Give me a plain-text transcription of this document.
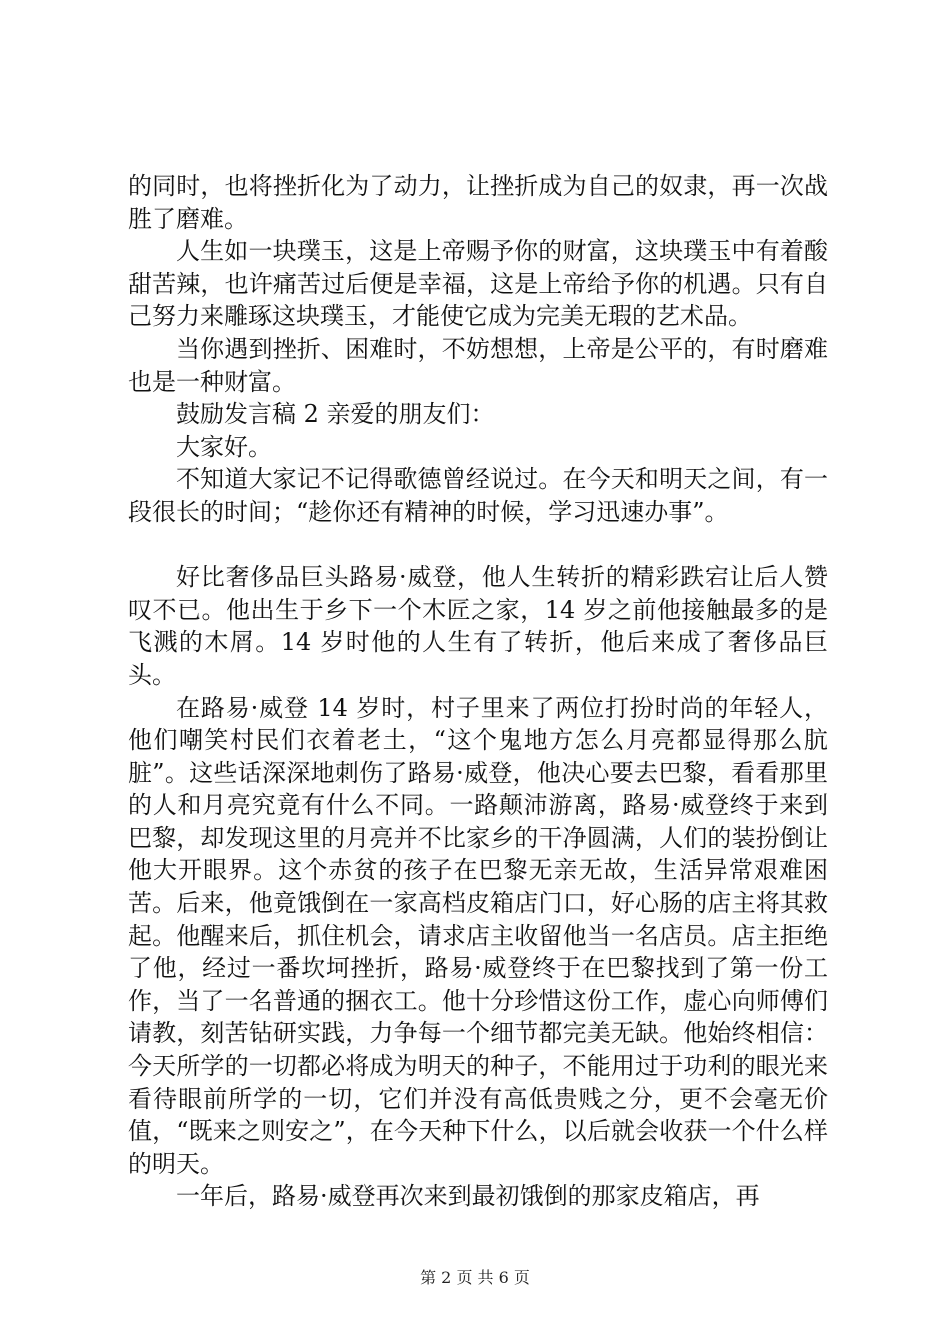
的同时，也将挫折化为了动力，让挫折成为自己的奴隶，再一次战胜了磨难。

人生如一块璞玉，这是上帝赐予你的财富，这块璞玉中有着酸甜苦辣，也许痛苦过后便是幸福，这是上帝给予你的机遇。只有自己努力来雕琢这块璞玉，才能使它成为完美无瑕的艺术品。

当你遇到挫折、困难时，不妨想想，上帝是公平的，有时磨难也是一种财富。

鼓励发言稿 2 亲爱的朋友们：

大家好。

不知道大家记不记得歌德曾经说过。在今天和明天之间，有一段很长的时间；“趁你还有精神的时候，学习迅速办事”。

好比奢侈品巨头路易·威登，他人生转折的精彩跌宕让后人赞叹不已。他出生于乡下一个木匠之家，14 岁之前他接触最多的是飞溅的木屑。14 岁时他的人生有了转折，他后来成了奢侈品巨头。

在路易·威登 14 岁时，村子里来了两位打扮时尚的年轻人，他们嘲笑村民们衣着老土，“这个鬼地方怎么月亮都显得那么肮脏”。这些话深深地刺伤了路易·威登，他决心要去巴黎，看看那里的人和月亮究竟有什么不同。一路颠沛游离，路易·威登终于来到巴黎，却发现这里的月亮并不比家乡的干净圆满，人们的装扮倒让他大开眼界。这个赤贫的孩子在巴黎无亲无故，生活异常艰难困苦。后来，他竟饿倒在一家高档皮箱店门口，好心肠的店主将其救起。他醒来后，抓住机会，请求店主收留他当一名店员。店主拒绝了他，经过一番坎坷挫折，路易·威登终于在巴黎找到了第一份工作，当了一名普通的捆衣工。他十分珍惜这份工作，虚心向师傅们请教，刻苦钻研实践，力争每一个细节都完美无缺。他始终相信：今天所学的一切都必将成为明天的种子，不能用过于功利的眼光来看待眼前所学的一切，它们并没有高低贵贱之分，更不会毫无价值，“既来之则安之”，在今天种下什么，以后就会收获一个什么样的明天。

一年后，路易·威登再次来到最初饿倒的那家皮箱店，再

第 2 页 共 6 页
